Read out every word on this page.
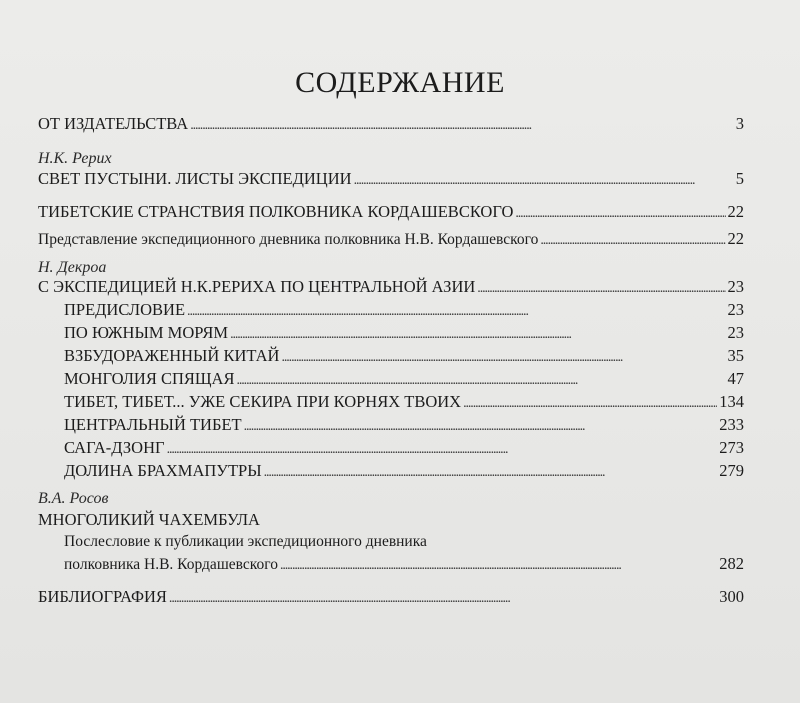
СОДЕРЖАНИЕ
ОТ ИЗДАТЕЛЬСТВА . . .	3
Н.К. Рерих
СВЕТ ПУСТЫНИ. ЛИСТЫ ЭКСПЕДИЦИИ . . .	5
ТИБЕТСКИЕ СТРАНСТВИЯ ПОЛКОВНИКА КОРДАШЕВСКОГО . . .	22
Представление экспедиционного дневника полковника Н.В. Кордашевского . . .	22
Н. Декроа
С ЭКСПЕДИЦИЕЙ Н.К.РЕРИХА ПО ЦЕНТРАЛЬНОЙ АЗИИ . . .	23
ПРЕДИСЛОВИЕ . . .	23
ПО ЮЖНЫМ МОРЯМ . . .	23
ВЗБУДОРАЖЕННЫЙ КИТАЙ . . .	35
МОНГОЛИЯ СПЯЩАЯ . . .	47
ТИБЕТ, ТИБЕТ... УЖЕ СЕКИРА ПРИ КОРНЯХ ТВОИХ . . .	134
ЦЕНТРАЛЬНЫЙ ТИБЕТ . . .	233
САГА-ДЗОНГ . . .	273
ДОЛИНА БРАХМАПУТРЫ . . .	279
В.А. Росов
МНОГОЛИКИЙ ЧАХЕМБУЛА
Послесловие к публикации экспедиционного дневника
полковника Н.В. Кордашевского . . .	282
БИБЛИОГРАФИЯ . . .	300
